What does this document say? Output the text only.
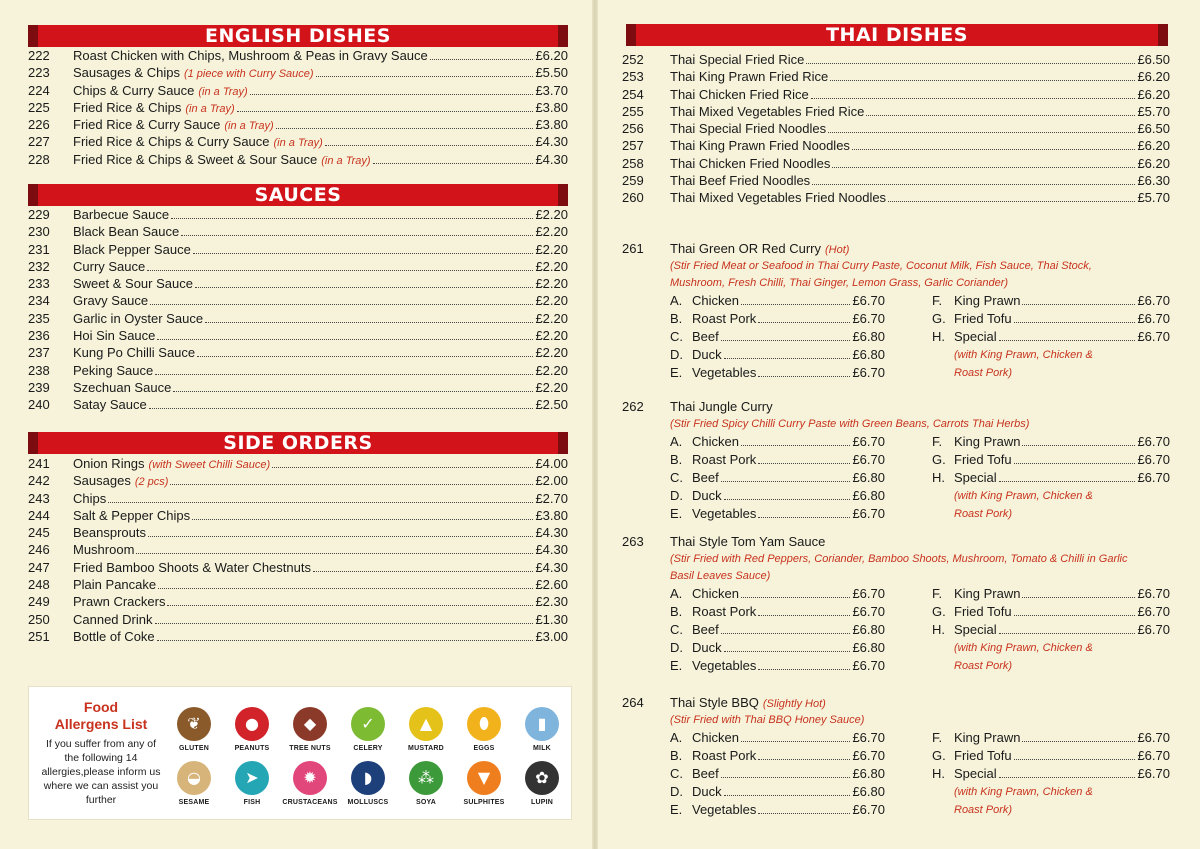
ENGLISH DISHES
222	Roast Chicken with Chips, Mushroom & Peas in Gravy Sauce	£6.20
223	Sausages & Chips (1 piece with Curry Sauce)	£5.50
224	Chips & Curry Sauce (in a Tray)	£3.70
225	Fried Rice & Chips (in a Tray)	£3.80
226	Fried Rice & Curry Sauce (in a Tray)	£3.80
227	Fried Rice & Chips & Curry Sauce (in a Tray)	£4.30
228	Fried Rice & Chips & Sweet & Sour Sauce (in a Tray)	£4.30
SAUCES
229	Barbecue Sauce	£2.20
230	Black Bean Sauce	£2.20
231	Black Pepper Sauce	£2.20
232	Curry Sauce	£2.20
233	Sweet & Sour Sauce	£2.20
234	Gravy Sauce	£2.20
235	Garlic in Oyster Sauce	£2.20
236	Hoi Sin Sauce	£2.20
237	Kung Po Chilli Sauce	£2.20
238	Peking Sauce	£2.20
239	Szechuan Sauce	£2.20
240	Satay Sauce	£2.50
SIDE ORDERS
241	Onion Rings (with Sweet Chilli Sauce)	£4.00
242	Sausages (2 pcs)	£2.00
243	Chips	£2.70
244	Salt & Pepper Chips	£3.80
245	Beansprouts	£4.30
246	Mushroom	£4.30
247	Fried Bamboo Shoots & Water Chestnuts	£4.30
248	Plain Pancake	£2.60
249	Prawn Crackers	£2.30
250	Canned Drink	£1.30
251	Bottle of Coke	£3.00
Food
Allergens List
If you suffer from any of the following 14 allergies,please inform us where we can assist you further
❦
GLUTEN
●
PEANUTS
◆
TREE NUTS
✓
CELERY
▲
MUSTARD
⬮
EGGS
▮
MILK
◒
SESAME
➤
FISH
✹
CRUSTACEANS
◗
MOLLUSCS
⁂
SOYA
▼
SULPHITES
✿
LUPIN
THAI DISHES
252	Thai Special Fried Rice	£6.50
253	Thai King Prawn Fried Rice	£6.20
254	Thai Chicken Fried Rice	£6.20
255	Thai Mixed Vegetables Fried Rice	£5.70
256	Thai Special Fried Noodles	£6.50
257	Thai King Prawn Fried Noodles	£6.20
258	Thai Chicken Fried Noodles	£6.20
259	Thai Beef Fried Noodles	£6.30
260	Thai Mixed Vegetables Fried Noodles	£5.70
261	Thai Green OR Red Curry (Hot)
(Stir Fried Meat or Seafood in Thai Curry Paste, Coconut Milk, Fish Sauce, Thai Stock, Mushroom, Fresh Chilli, Thai Ginger, Lemon Grass, Garlic Coriander)
A. Chicken	£6.70
B. Roast Pork	£6.70
C. Beef	£6.80
D. Duck	£6.80
E. Vegetables	£6.70
F. King Prawn	£6.70
G. Fried Tofu	£6.70
H. Special	£6.70
(with King Prawn, Chicken &
Roast Pork)
262	Thai Jungle Curry
(Stir Fried Spicy Chilli Curry Paste with Green Beans, Carrots Thai Herbs)
A. Chicken	£6.70
B. Roast Pork	£6.70
C. Beef	£6.80
D. Duck	£6.80
E. Vegetables	£6.70
F. King Prawn	£6.70
G. Fried Tofu	£6.70
H. Special	£6.70
(with King Prawn, Chicken &
Roast Pork)
263	Thai Style Tom Yam Sauce
(Stir Fried with Red Peppers, Coriander, Bamboo Shoots, Mushroom, Tomato & Chilli in Garlic Basil Leaves Sauce)
A. Chicken	£6.70
B. Roast Pork	£6.70
C. Beef	£6.80
D. Duck	£6.80
E. Vegetables	£6.70
F. King Prawn	£6.70
G. Fried Tofu	£6.70
H. Special	£6.70
(with King Prawn, Chicken &
Roast Pork)
264	Thai Style BBQ (Slightly Hot)
(Stir Fried with Thai BBQ Honey Sauce)
A. Chicken	£6.70
B. Roast Pork	£6.70
C. Beef	£6.80
D. Duck	£6.80
E. Vegetables	£6.70
F. King Prawn	£6.70
G. Fried Tofu	£6.70
H. Special	£6.70
(with King Prawn, Chicken &
Roast Pork)
